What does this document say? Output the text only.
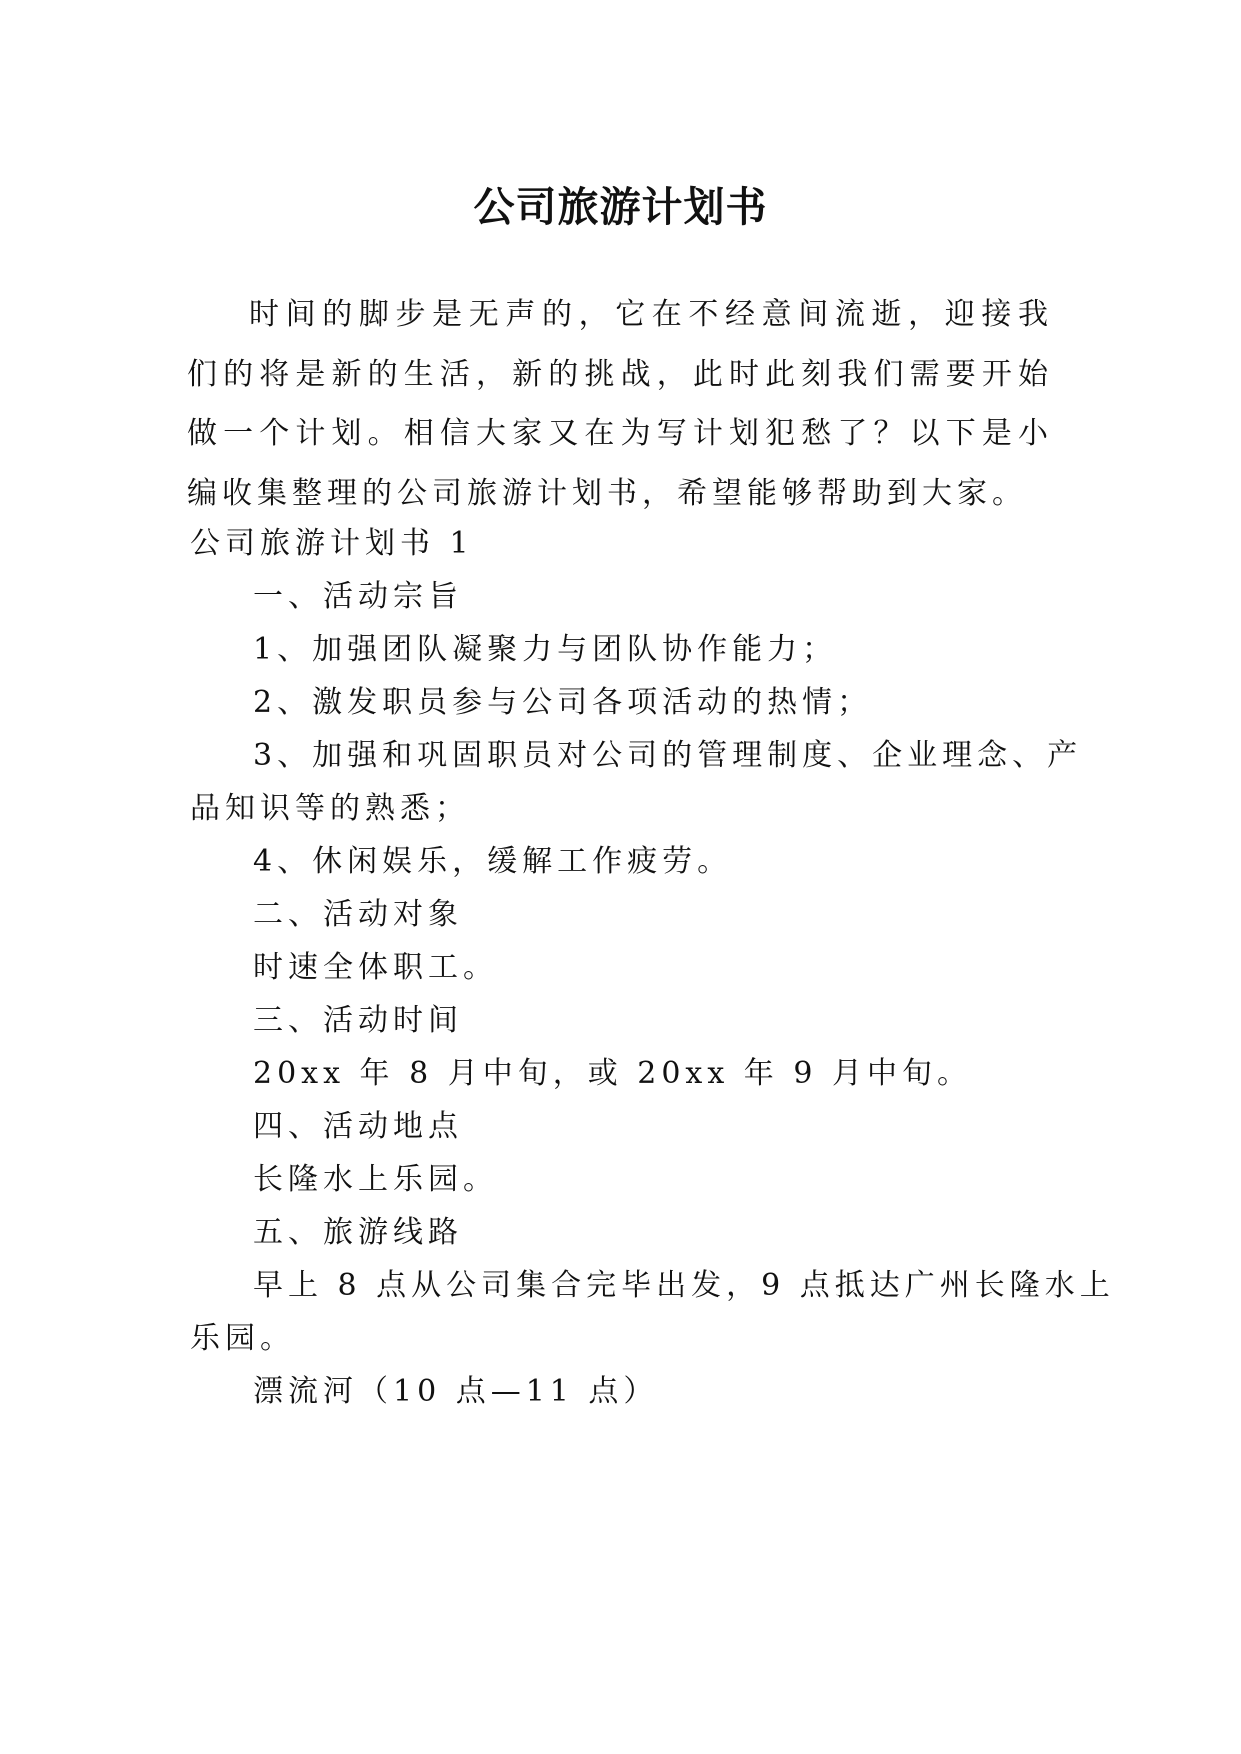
公司旅游计划书

时间的脚步是无声的，它在不经意间流逝，迎接我们的将是新的生活，新的挑战，此时此刻我们需要开始做一个计划。相信大家又在为写计划犯愁了？以下是小编收集整理的公司旅游计划书，希望能够帮助到大家。

公司旅游计划书 1

一、活动宗旨

1、加强团队凝聚力与团队协作能力；

2、激发职员参与公司各项活动的热情；

3、加强和巩固职员对公司的管理制度、企业理念、产

品知识等的熟悉；

4、休闲娱乐，缓解工作疲劳。

二、活动对象

时速全体职工。

三、活动时间

20xx 年 8 月中旬，或 20xx 年 9 月中旬。

四、活动地点

长隆水上乐园。

五、旅游线路

早上 8 点从公司集合完毕出发，9 点抵达广州长隆水上

乐园。

漂流河（10 点—11 点）
